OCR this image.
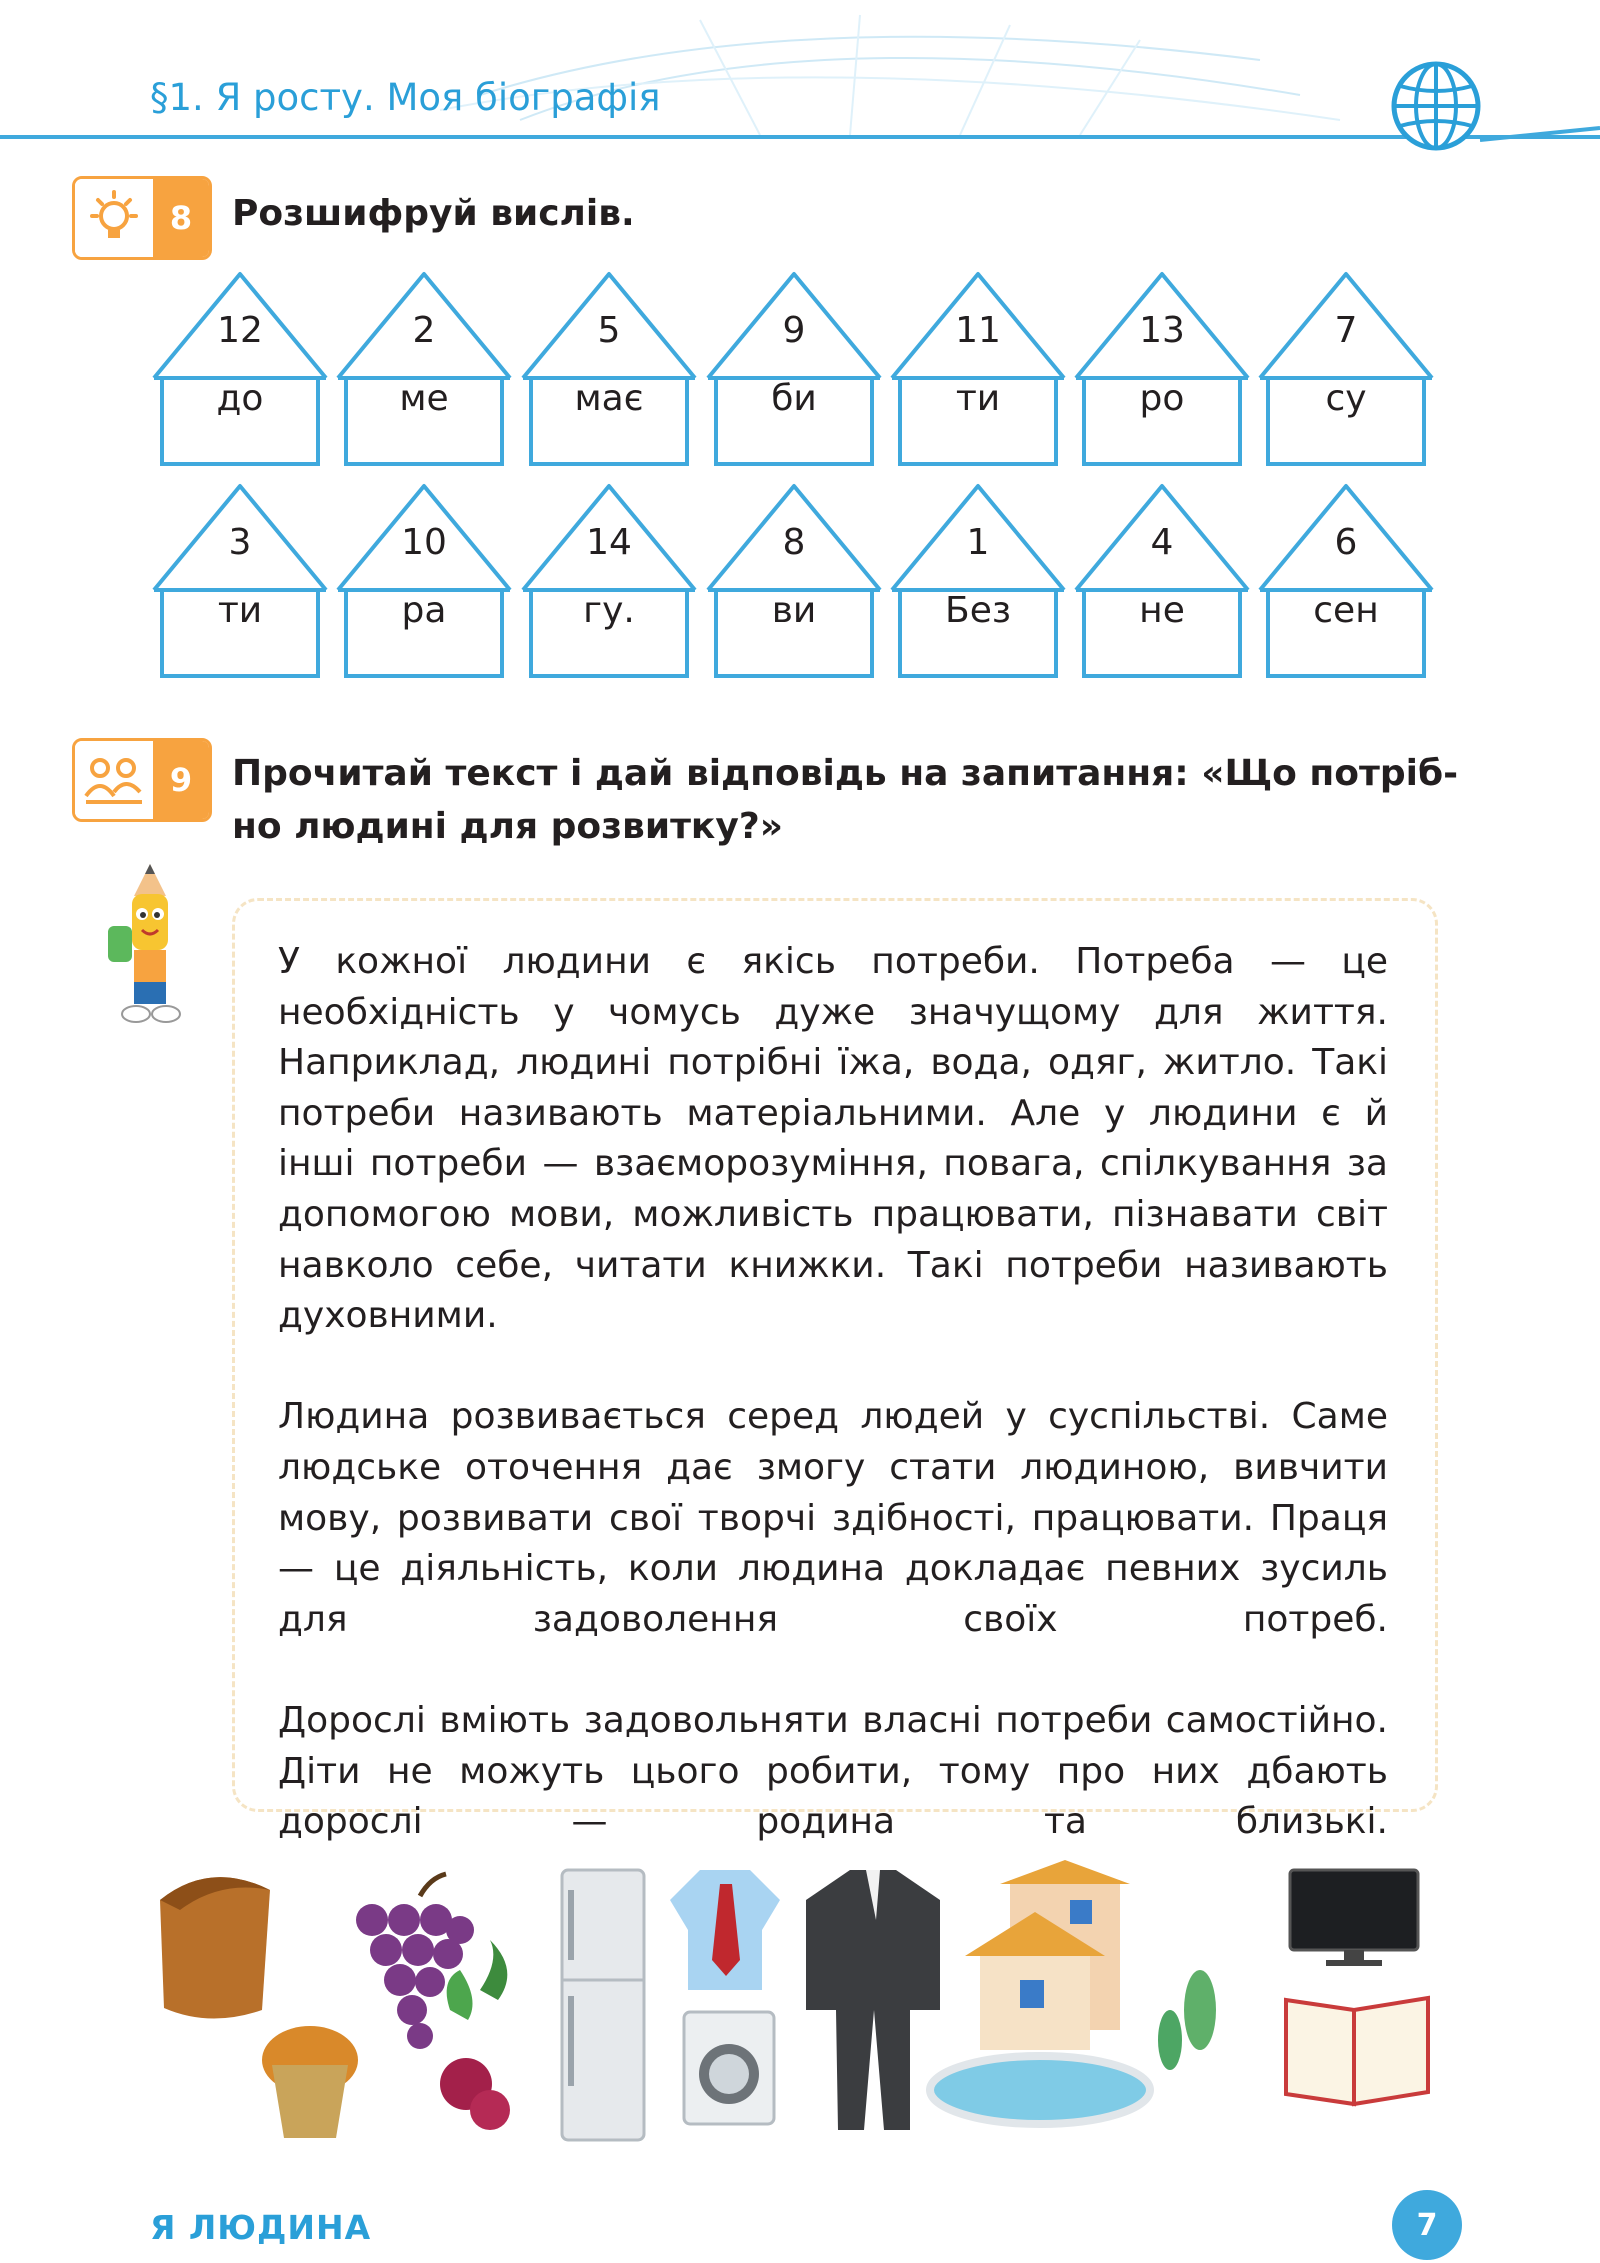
§1. Я росту. Моя біографія
8	Розшифруй вислів.
12
до
2
ме
5
має
9
би
11
ти
13
ро
7
су
3
ти
10
ра
14
гу.
8
ви
1
Без
4
не
6
сен
9	Прочитай текст і дай відповідь на запитання: «Що потріб-
но людині для розвитку?»

У кожної людини є якісь потреби. Потреба — це необхідність у чомусь дуже значущому для життя. Наприклад, людині потрібні їжа, вода, одяг, житло. Такі потреби називають матеріальними. Але у людини є й інші потреби — взаєморозуміння, повага, спілкування за допомогою мови, можливість працювати, пізнавати світ навколо себе, читати книжки. Такі потреби називають духовними.

Людина розвивається серед людей у суспільстві. Саме людське оточення дає змогу стати людиною, вивчити мову, розвивати свої творчі здібності, працювати. Праця — це діяльність, коли людина докладає певних зусиль для задоволення своїх потреб.

Дорослі вміють задовольняти власні потреби самостійно. Діти не можуть цього робити, тому про них дбають дорослі — родина та близькі.

Я ЛЮДИНА	7
